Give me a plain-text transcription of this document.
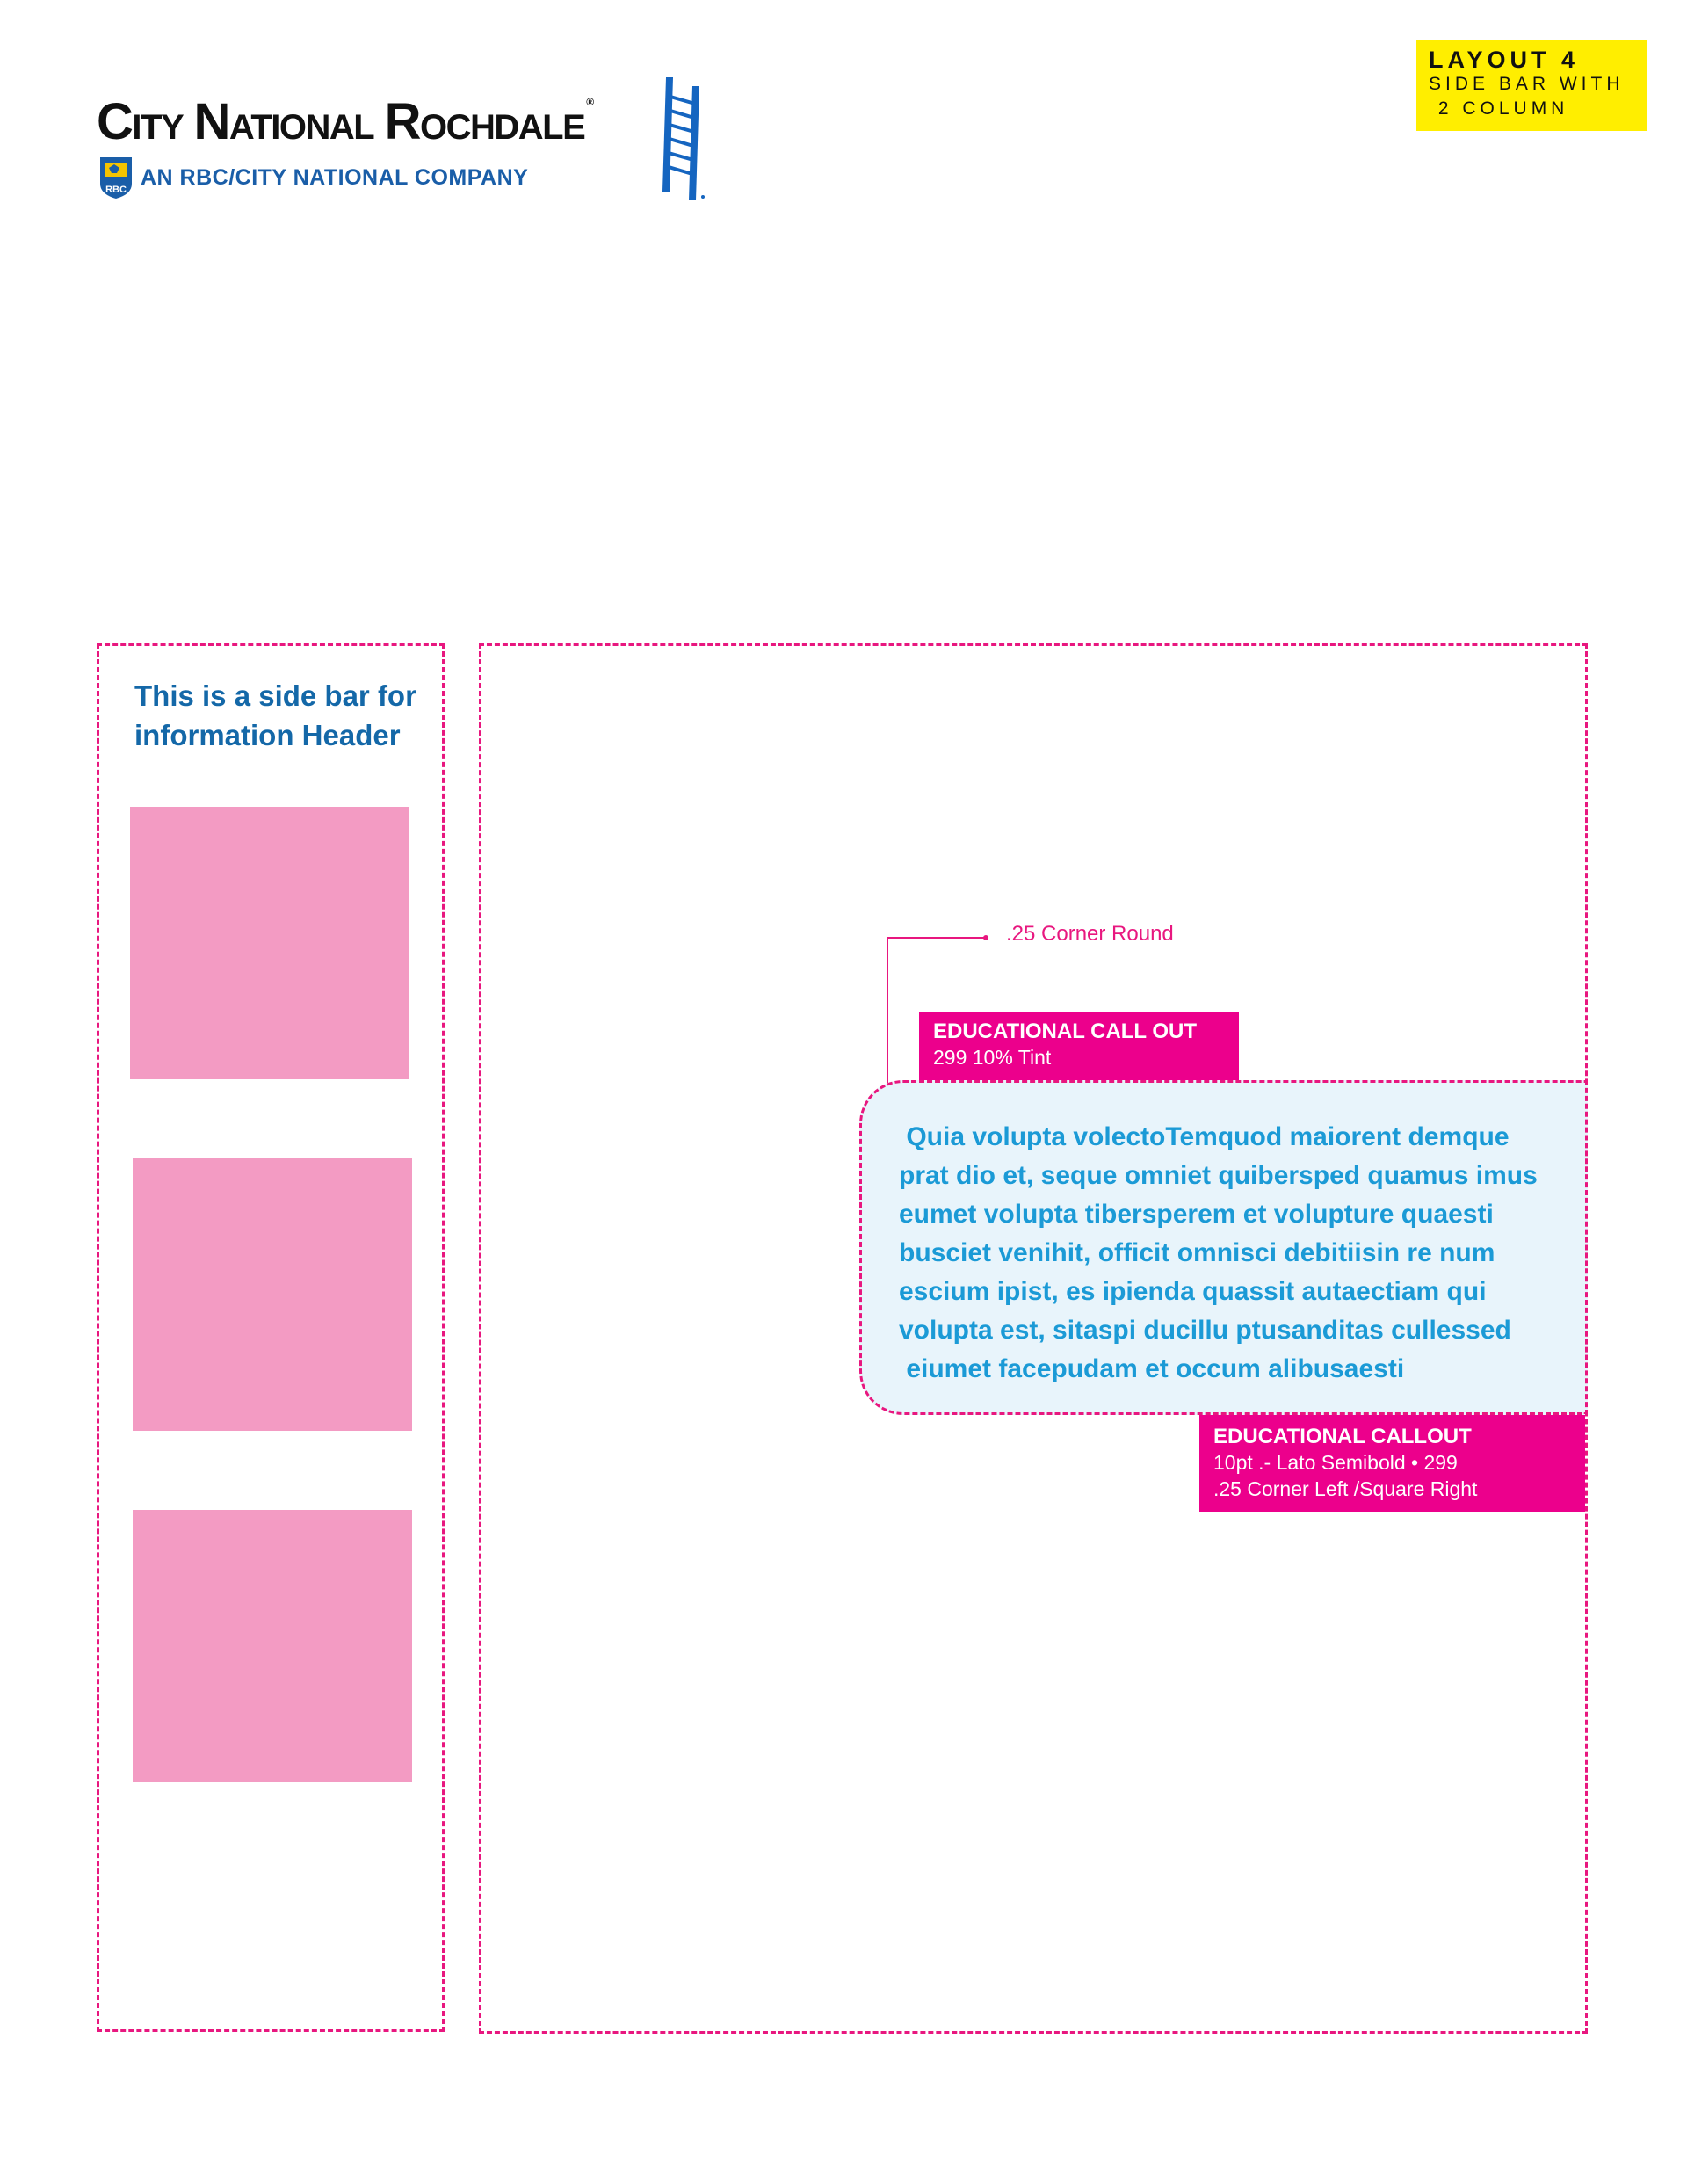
CITY NATIONAL ROCHDALE®
RBC
AN RBC/CITY NATIONAL COMPANY
LAYOUT 4
SIDE BAR WITH
2 COLUMN
This is a side bar for information Header
.25 Corner Round
EDUCATIONAL CALL OUT
299 10% Tint
Quia volupta volectoTemquod maiorent demque
prat dio et, seque omniet quibersped quamus imus
eumet volupta tibersperem et volupture quaesti
busciet venihit, officit omnisci debitiisin re num
escium ipist, es ipienda quassit autaectiam qui
volupta est, sitaspi ducillu ptusanditas cullessed
eiumet facepudam et occum alibusaesti
EDUCATIONAL CALLOUT
10pt .- Lato Semibold • 299
.25 Corner Left /Square Right
